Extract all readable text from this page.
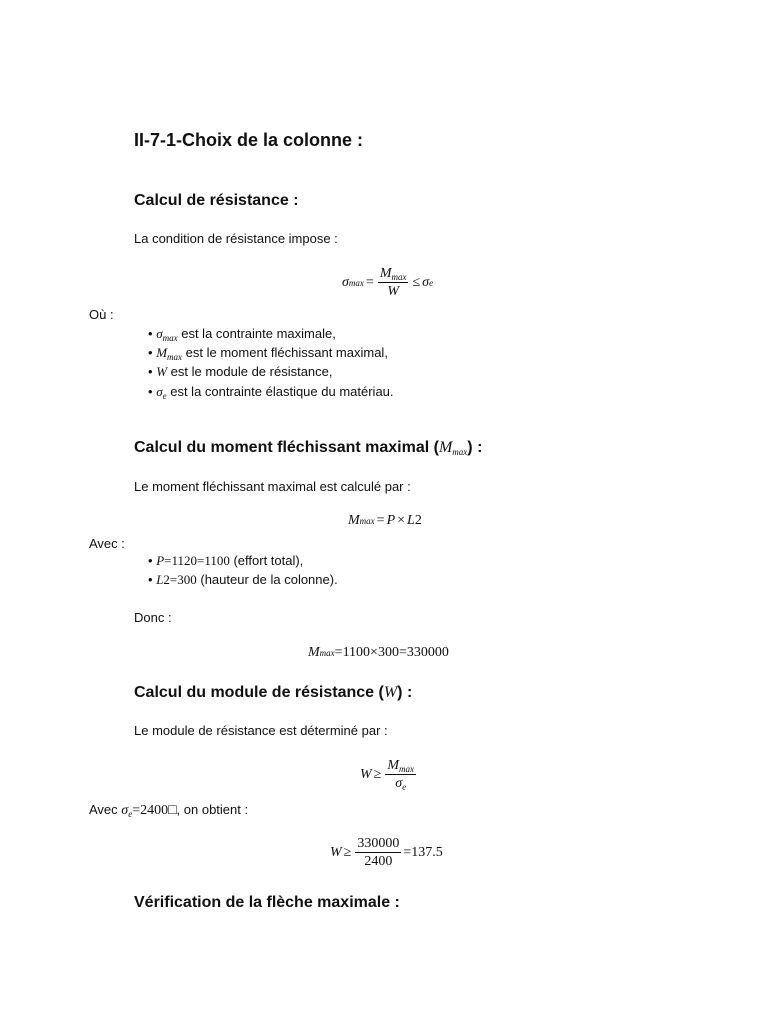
II-7-1-Choix de la colonne :
Calcul de résistance :
La condition de résistance impose :
σ $\max = \frac{M_{max}}{W} \le \sigma$ e
Où :
• $\sigma_{max}$ est la contrainte maximale,
• $M_{max}$ est le moment fléchissant maximal,
• W est le module de résistance,
• $\sigma_e$ est la contrainte élastique du matériau.
Calcul du moment fléchissant maximal $(M_{max})$ :
Le moment fléchissant maximal est calculé par :
M max = P × L 2
Avec :
• P=1120=1100 (effort total),
• L2=300 (hauteur de la colonne).
Donc :
M max =1100×300=330000
Calcul du module de résistance (W) :
Le module de résistance est déterminé par :
$W \ge \frac{M_{max}}{\sigma_e}$
Avec $\sigma_e=2400□$, on obtient :
$W \ge \frac{330000}{2400} =137.5$
Vérification de la flèche maximale :
